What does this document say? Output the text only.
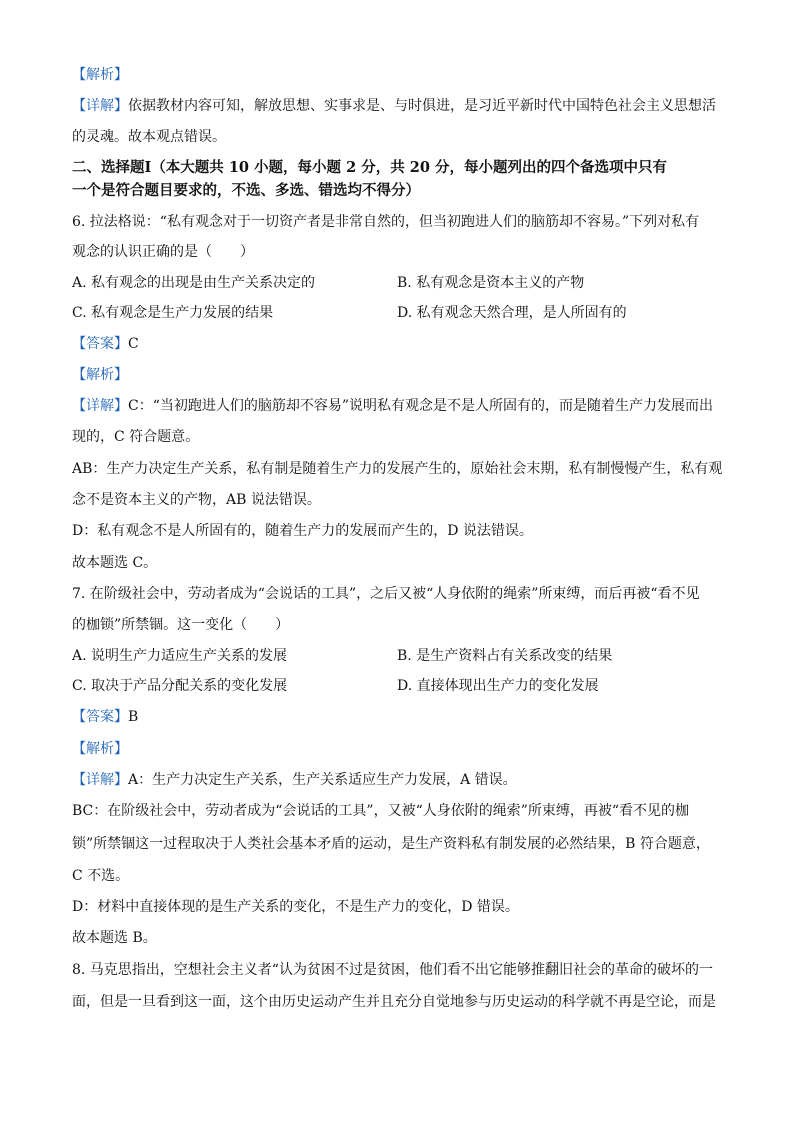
【解析】
【详解】依据教材内容可知，解放思想、实事求是、与时俱进，是习近平新时代中国特色社会主义思想活
的灵魂。故本观点错误。
二、选择题Ⅰ（本大题共 10 小题，每小题 2 分，共 20 分，每小题列出的四个备选项中只有
一个是符合题目要求的，不选、多选、错选均不得分）
6. 拉法格说：“私有观念对于一切资产者是非常自然的，但当初跑进人们的脑筋却不容易。”下列对私有
观念的认识正确的是（　　）
A. 私有观念的出现是由生产关系决定的	B. 私有观念是资本主义的产物
C. 私有观念是生产力发展的结果	D. 私有观念天然合理，是人所固有的
【答案】C
【解析】
【详解】C：“当初跑进人们的脑筋却不容易”说明私有观念是不是人所固有的，而是随着生产力发展而出
现的，C 符合题意。
AB：生产力决定生产关系，私有制是随着生产力的发展产生的，原始社会末期，私有制慢慢产生，私有观
念不是资本主义的产物，AB 说法错误。
D：私有观念不是人所固有的，随着生产力的发展而产生的，D 说法错误。
故本题选 C。
7. 在阶级社会中，劳动者成为“会说话的工具”，之后又被“人身依附的绳索”所束缚，而后再被“看不见
的枷锁”所禁锢。这一变化（　　）
A. 说明生产力适应生产关系的发展	B. 是生产资料占有关系改变的结果
C. 取决于产品分配关系的变化发展	D. 直接体现出生产力的变化发展
【答案】B
【解析】
【详解】A：生产力决定生产关系，生产关系适应生产力发展，A 错误。
BC：在阶级社会中，劳动者成为“会说话的工具”，又被“人身依附的绳索”所束缚，再被“看不见的枷
锁”所禁锢这一过程取决于人类社会基本矛盾的运动，是生产资料私有制发展的必然结果，B 符合题意，
C 不选。
D：材料中直接体现的是生产关系的变化，不是生产力的变化，D 错误。
故本题选 B。
8. 马克思指出，空想社会主义者“认为贫困不过是贫困，他们看不出它能够推翻旧社会的革命的破坏的一
面，但是一旦看到这一面，这个由历史运动产生并且充分自觉地参与历史运动的科学就不再是空论，而是
